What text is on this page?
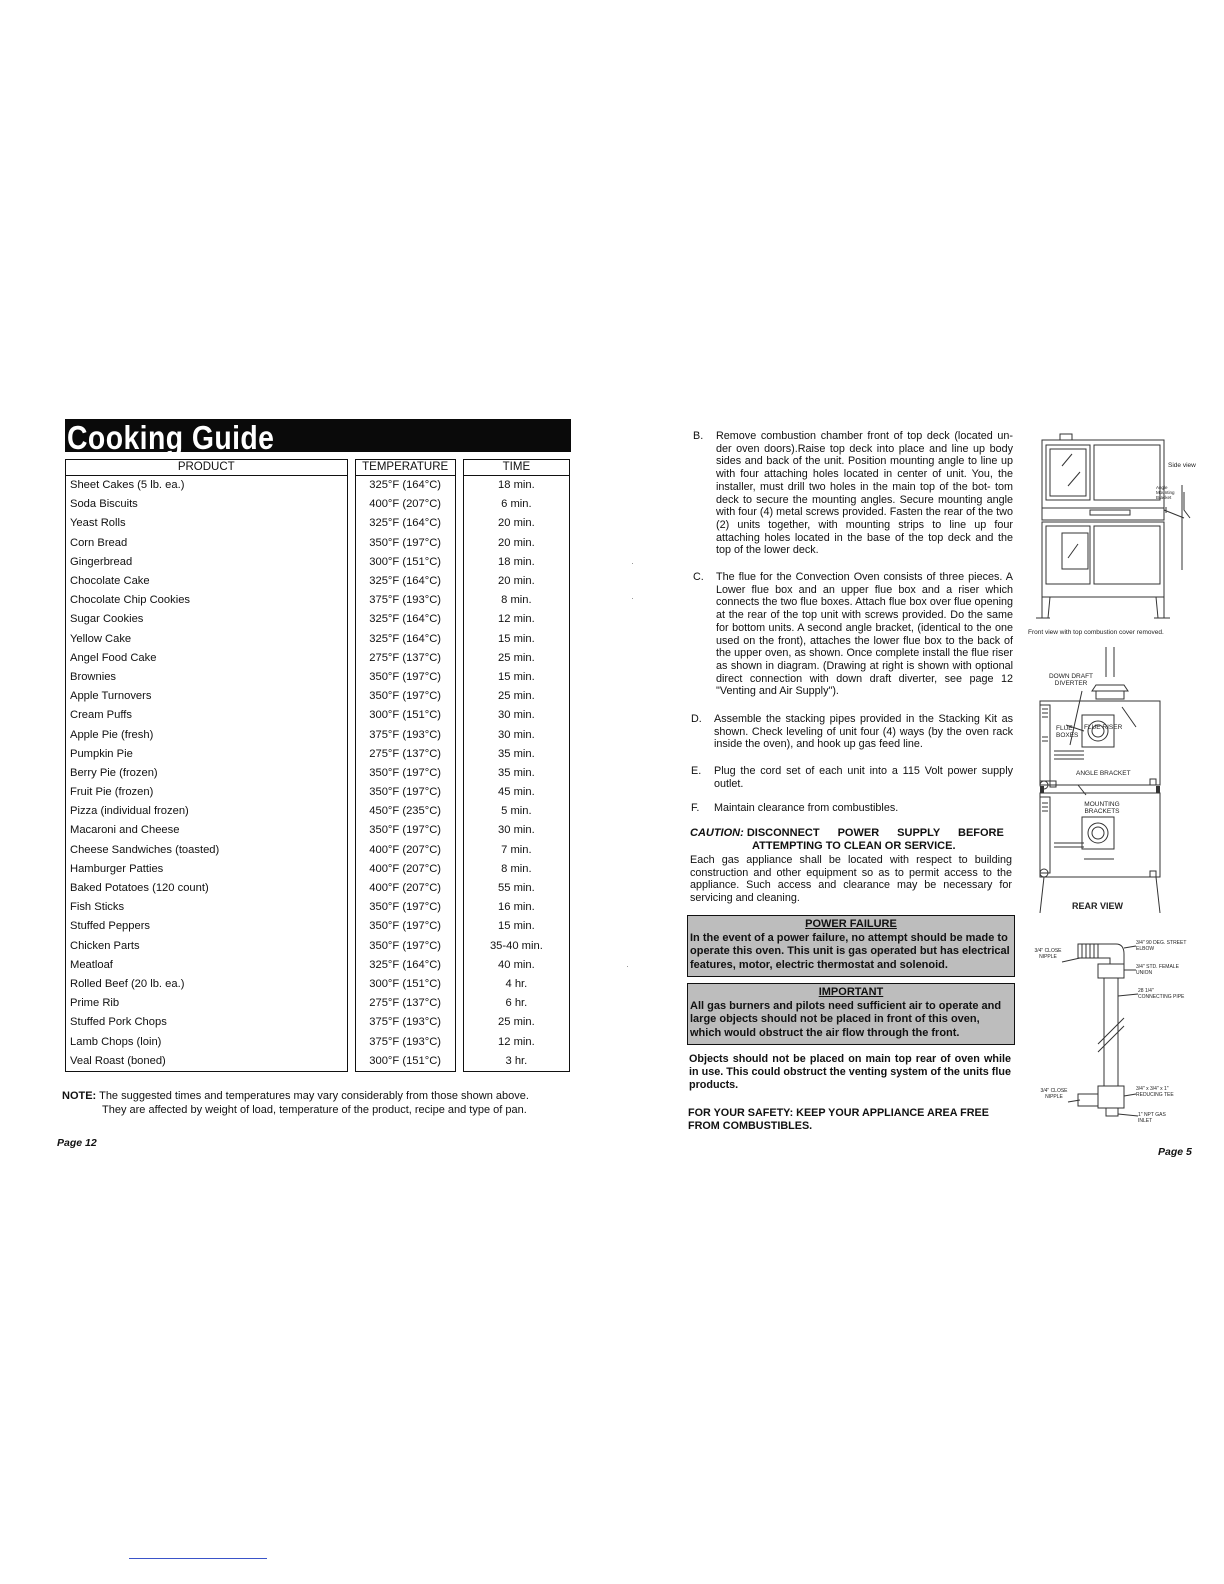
Cooking Guide
PRODUCT		TEMPERATURE		TIME
Sheet Cakes (5 lb. ea.)		325°F (164°C)		18 min.
Soda Biscuits		400°F (207°C)		6 min.
Yeast Rolls		325°F (164°C)		20 min.
Corn Bread		350°F (197°C)		20 min.
Gingerbread		300°F (151°C)		18 min.
Chocolate Cake		325°F (164°C)		20 min.
Chocolate Chip Cookies		375°F (193°C)		8 min.
Sugar Cookies		325°F (164°C)		12 min.
Yellow Cake		325°F (164°C)		15 min.
Angel Food Cake		275°F (137°C)		25 min.
Brownies		350°F (197°C)		15 min.
Apple Turnovers		350°F (197°C)		25 min.
Cream Puffs		300°F (151°C)		30 min.
Apple Pie (fresh)		375°F (193°C)		30 min.
Pumpkin Pie		275°F (137°C)		35 min.
Berry Pie (frozen)		350°F (197°C)		35 min.
Fruit Pie (frozen)		350°F (197°C)		45 min.
Pizza (individual frozen)		450°F (235°C)		5 min.
Macaroni and Cheese		350°F (197°C)		30 min.
Cheese Sandwiches (toasted)		400°F (207°C)		7 min.
Hamburger Patties		400°F (207°C)		8 min.
Baked Potatoes (120 count)		400°F (207°C)		55 min.
Fish Sticks		350°F (197°C)		16 min.
Stuffed Peppers		350°F (197°C)		15 min.
Chicken Parts		350°F (197°C)		35-40 min.
Meatloaf		325°F (164°C)		40 min.
Rolled Beef (20 lb. ea.)		300°F (151°C)		4 hr.
Prime Rib		275°F (137°C)		6 hr.
Stuffed Pork Chops		375°F (193°C)		25 min.
Lamb Chops (loin)		375°F (193°C)		12 min.
Veal Roast (boned)		300°F (151°C)		3 hr.
NOTE: The suggested times and temperatures may vary considerably from those shown above.
They are affected by weight of load, temperature of the product, recipe and type of pan.
Page 12
B. Remove combustion chamber front of top deck (located un- der oven doors).Raise top deck into place and line up body sides and back of the unit. Position mounting angle to line up with four attaching holes located in center of unit. You, the installer, must drill two holes in the main top of the bot- tom deck to secure the mounting angles. Secure mounting angle with four (4) metal screws provided. Fasten the rear of the two (2) units together, with mounting strips to line up four attaching holes located in the base of the top deck and the top of the lower deck.
C. The flue for the Convection Oven consists of three pieces. A Lower flue box and an upper flue box and a riser which connects the two flue boxes. Attach flue box over flue opening at the rear of the top unit with screws provided. Do the same for bottom units. A second angle bracket, (identical to the one used on the front), attaches the lower flue box to the back of the upper oven, as shown. Once complete install the flue riser as shown in diagram. (Drawing at right is shown with optional direct connection with down draft diverter, see page 12 "Venting and Air Supply").
D. Assemble the stacking pipes provided in the Stacking Kit as shown. Check leveling of unit four (4) ways (by the oven rack inside the oven), and hook up gas feed line.
E. Plug the cord set of each unit into a 115 Volt power supply outlet.
F. Maintain clearance from combustibles.
CAUTION: DISCONNECT POWER SUPPLY BEFORE
ATTEMPTING TO CLEAN OR SERVICE.

Each gas appliance shall be located with respect to building construction and other equipment so as to permit access to the appliance. Such access and clearance may be necessary for servicing and cleaning.

POWER FAILURE
In the event of a power failure, no attempt should be made to operate this oven. This unit is gas operated but has electrical features, motor, electric thermostat and solenoid.
IMPORTANT
All gas burners and pilots need sufficient air to operate and large objects should not be placed in front of this oven, which would obstruct the air flow through the front.
Objects should not be placed on main top rear of oven while in use. This could obstruct the venting system of the units flue products.
FOR YOUR SAFETY: KEEP YOUR APPLIANCE AREA FREE FROM COMBUSTIBLES.
Page 5
Side view
Angle Mounting Bracket
Front view with top combustion cover removed.
DOWN DRAFT DIVERTER
FLUE RISER
FLUE BOXES
ANGLE BRACKET
MOUNTING BRACKETS
REAR VIEW
3/4" CLOSE NIPPLE
3/4" 90 DEG. STREET ELBOW
3/4" STD. FEMALE UNION
28 1/4" CONNECTING PIPE
3/4" CLOSE NIPPLE
3/4" x 3/4" x 1" REDUCING TEE
1" NPT GAS INLET
